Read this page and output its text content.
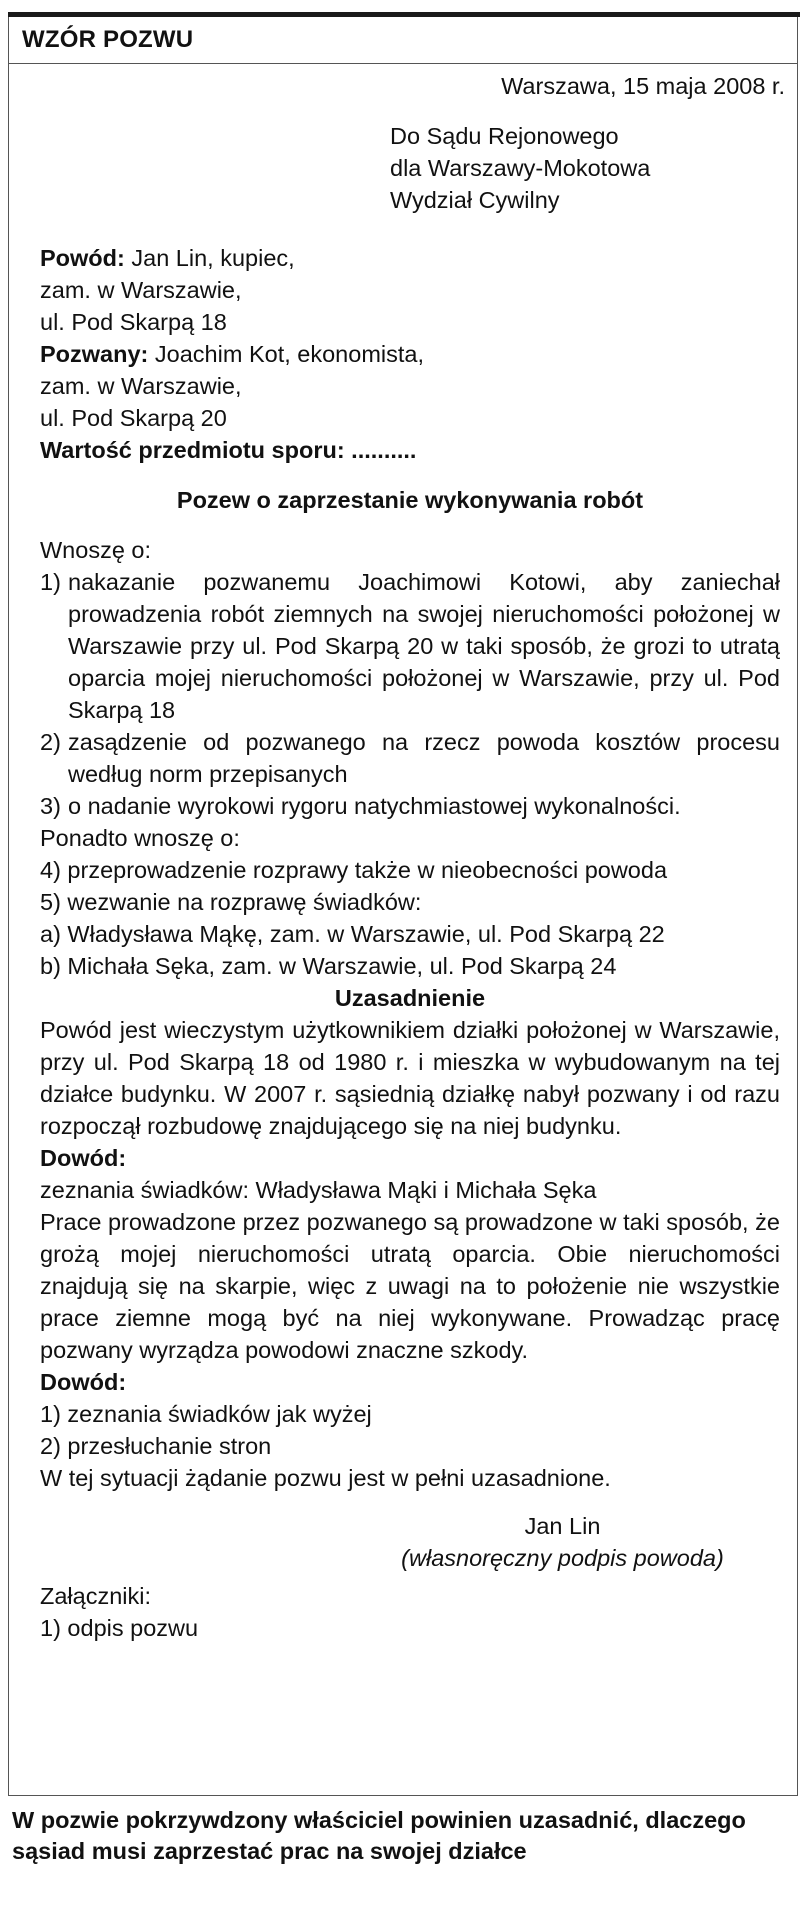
WZÓR POZWU
Warszawa, 15 maja 2008 r.
Do Sądu Rejonowego
dla Warszawy-Mokotowa
Wydział Cywilny
Powód: Jan Lin, kupiec,
zam. w Warszawie,
ul. Pod Skarpą 18
Pozwany: Joachim Kot, ekonomista,
zam. w Warszawie,
ul. Pod Skarpą 20
Wartość przedmiotu sporu: ..........
Pozew o zaprzestanie wykonywania robót
Wnoszę o:
1) nakazanie pozwanemu Joachimowi Kotowi, aby zaniechał prowadzenia robót ziemnych na swojej nieruchomości położonej w Warszawie przy ul. Pod Skarpą 20 w taki sposób, że grozi to utratą oparcia mojej nieruchomości położonej w Warszawie, przy ul. Pod Skarpą 18
2) zasądzenie od pozwanego na rzecz powoda kosztów procesu według norm przepisanych
3) o nadanie wyrokowi rygoru natychmiastowej wykonalności.
Ponadto wnoszę o:
4) przeprowadzenie rozprawy także w nieobecności powoda
5) wezwanie na rozprawę świadków:
a) Władysława Mąkę, zam. w Warszawie, ul. Pod Skarpą 22
b) Michała Sęka, zam. w Warszawie, ul. Pod Skarpą 24
Uzasadnienie
Powód jest wieczystym użytkownikiem działki położonej w Warszawie, przy ul. Pod Skarpą 18 od 1980 r. i mieszka w wybudowanym na tej działce budynku. W 2007 r. sąsiednią działkę nabył pozwany i od razu rozpoczął rozbudowę znajdującego się na niej budynku.
Dowód:
zeznania świadków: Władysława Mąki i Michała Sęka
Prace prowadzone przez pozwanego są prowadzone w taki sposób, że grożą mojej nieruchomości utratą oparcia. Obie nieruchomości znajdują się na skarpie, więc z uwagi na to położenie nie wszystkie prace ziemne mogą być na niej wykonywane. Prowadząc pracę pozwany wyrządza powodowi znaczne szkody.
Dowód:
1) zeznania świadków jak wyżej
2) przesłuchanie stron
W tej sytuacji żądanie pozwu jest w pełni uzasadnione.
Jan Lin
(własnoręczny podpis powoda)
Załączniki:
1) odpis pozwu
W pozwie pokrzywdzony właściciel powinien uzasadnić, dlaczego sąsiad musi zaprzestać prac na swojej działce
